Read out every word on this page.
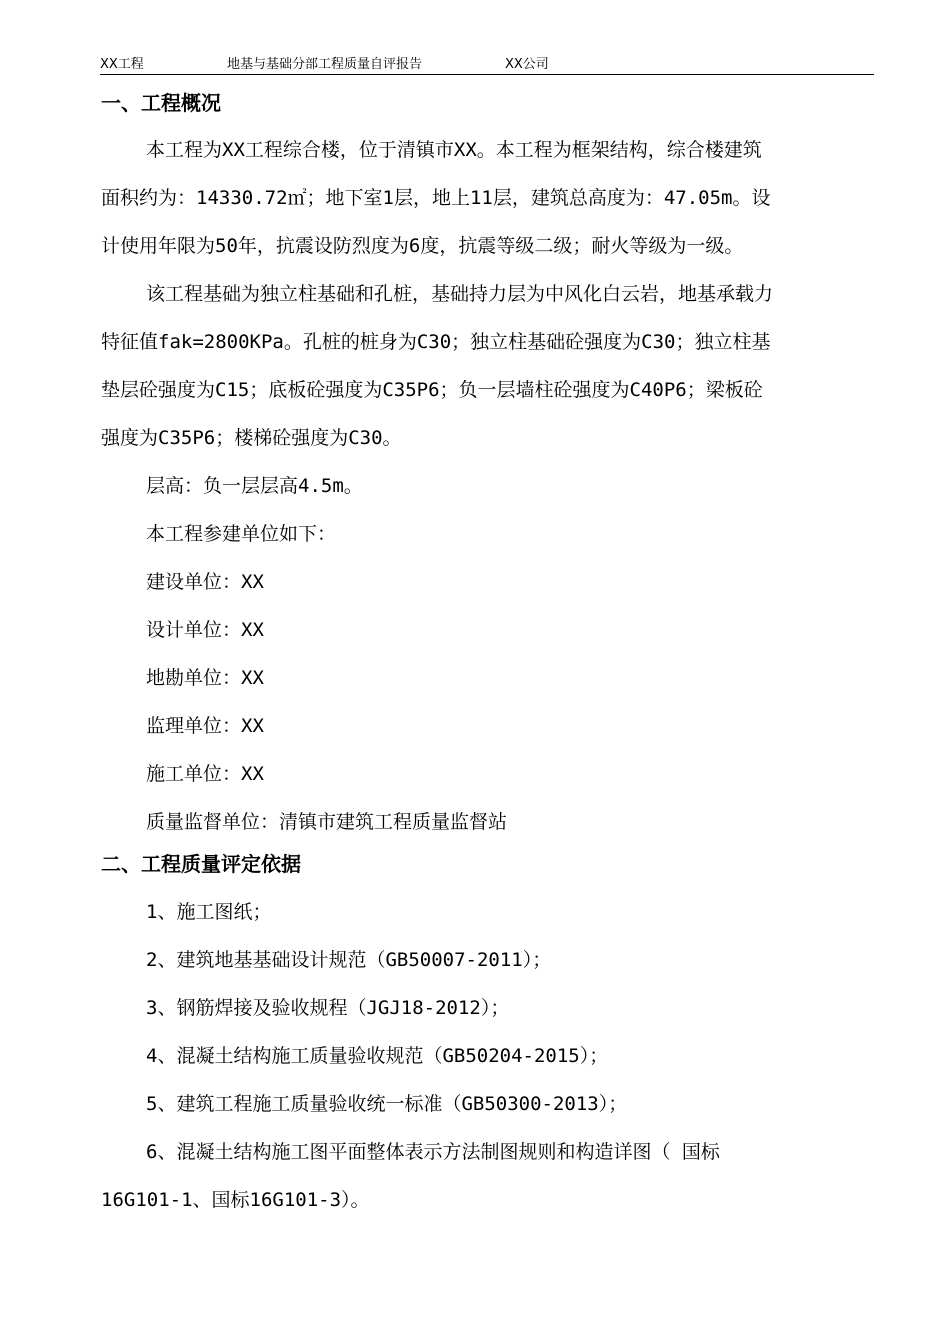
XX工程	地基与基础分部工程质量自评报告	XX公司
一、工程概况
本工程为XX工程综合楼，位于清镇市XX。本工程为框架结构，综合楼建筑
面积约为：14330.72㎡；地下室1层，地上11层，建筑总高度为：47.05m。设
计使用年限为50年，抗震设防烈度为6度，抗震等级二级；耐火等级为一级。
该工程基础为独立柱基础和孔桩，基础持力层为中风化白云岩，地基承载力
特征值fak=2800KPa。孔桩的桩身为C30；独立柱基础砼强度为C30；独立柱基
垫层砼强度为C15；底板砼强度为C35P6；负一层墙柱砼强度为C40P6；梁板砼
强度为C35P6；楼梯砼强度为C30。
层高：负一层层高4.5m。
本工程参建单位如下：
建设单位：XX
设计单位：XX
地勘单位：XX
监理单位：XX
施工单位：XX
质量监督单位：清镇市建筑工程质量监督站
二、工程质量评定依据
1、施工图纸；
2、建筑地基基础设计规范（GB50007-2011）；
3、钢筋焊接及验收规程（JGJ18-2012）；
4、混凝土结构施工质量验收规范（GB50204-2015）；
5、建筑工程施工质量验收统一标准（GB50300-2013）；
6、混凝土结构施工图平面整体表示方法制图规则和构造详图（ 国标
16G101-1、国标16G101-3）。
